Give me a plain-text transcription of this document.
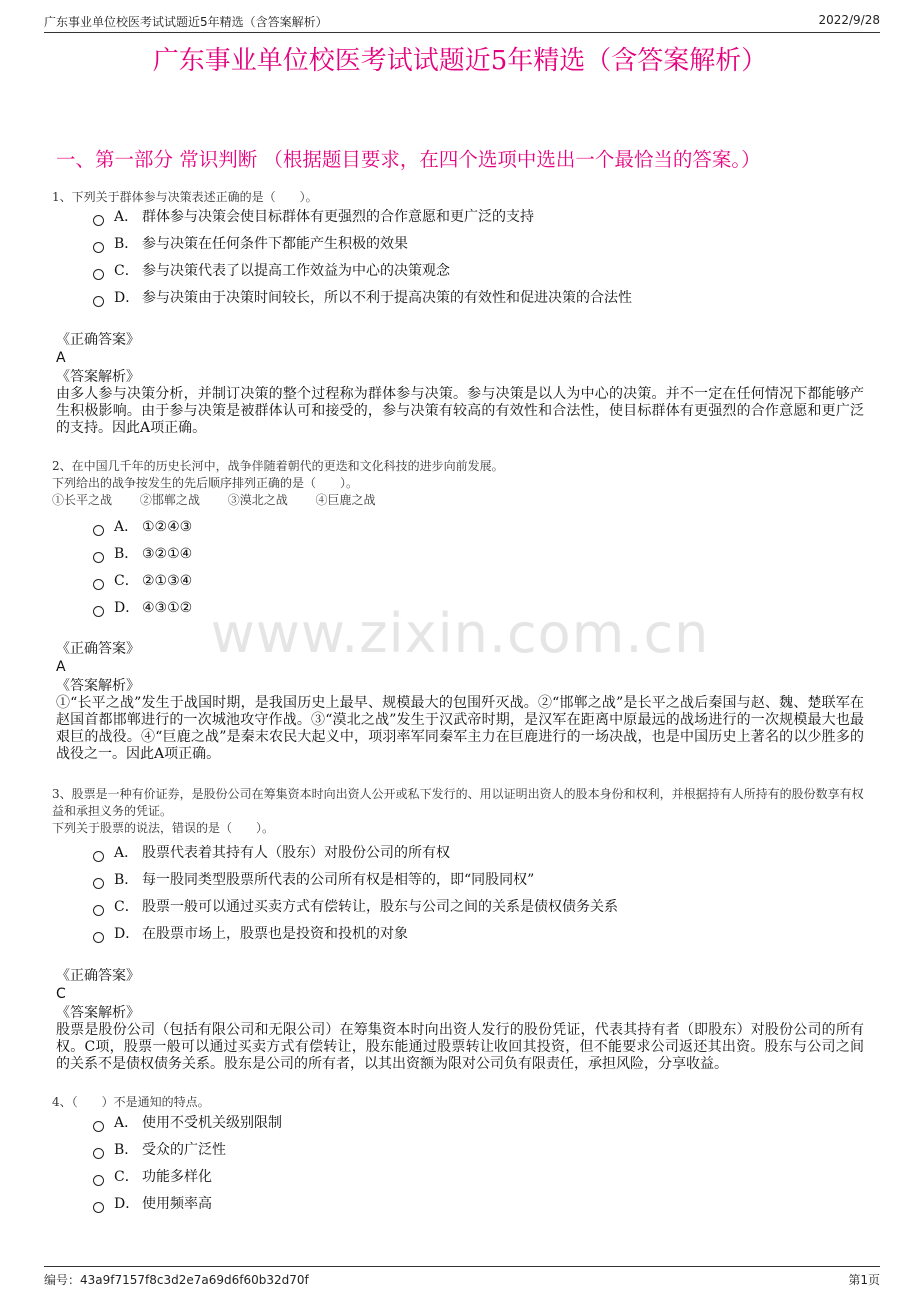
广东事业单位校医考试试题近5年精选（含答案解析）	2022/9/28
广东事业单位校医考试试题近5年精选（含答案解析）
一、第一部分 常识判断 （根据题目要求，在四个选项中选出一个最恰当的答案。）
1、下列关于群体参与决策表述正确的是（　　）。
A． 群体参与决策会使目标群体有更强烈的合作意愿和更广泛的支持
B． 参与决策在任何条件下都能产生积极的效果
C． 参与决策代表了以提高工作效益为中心的决策观念
D． 参与决策由于决策时间较长，所以不利于提高决策的有效性和促进决策的合法性
《正确答案》
A
《答案解析》
由多人参与决策分析，并制订决策的整个过程称为群体参与决策。参与决策是以人为中心的决策。并不一定在任何情况下都能够产生积极影响。由于参与决策是被群体认可和接受的，参与决策有较高的有效性和合法性，使目标群体有更强烈的合作意愿和更广泛的支持。因此A项正确。
2、在中国几千年的历史长河中，战争伴随着朝代的更迭和文化科技的进步向前发展。
下列给出的战争按发生的先后顺序排列正确的是（　　）。
①长平之战 ②邯郸之战 ③漠北之战 ④巨鹿之战
A． ①②④③
B． ③②①④
C． ②①③④
D． ④③①②
《正确答案》
A
《答案解析》
①“长平之战”发生于战国时期，是我国历史上最早、规模最大的包围歼灭战。②“邯郸之战”是长平之战后秦国与赵、魏、楚联军在赵国首都邯郸进行的一次城池攻守作战。③“漠北之战”发生于汉武帝时期，是汉军在距离中原最远的战场进行的一次规模最大也最艰巨的战役。④“巨鹿之战”是秦末农民大起义中，项羽率军同秦军主力在巨鹿进行的一场决战，也是中国历史上著名的以少胜多的战役之一。因此A项正确。
www.zixin.com.cn
3、股票是一种有价证券，是股份公司在筹集资本时向出资人公开或私下发行的、用以证明出资人的股本身份和权利，并根据持有人所持有的股份数享有权益和承担义务的凭证。
下列关于股票的说法，错误的是（　　）。
A． 股票代表着其持有人（股东）对股份公司的所有权
B． 每一股同类型股票所代表的公司所有权是相等的，即“同股同权”
C． 股票一般可以通过买卖方式有偿转让，股东与公司之间的关系是债权债务关系
D． 在股票市场上，股票也是投资和投机的对象
《正确答案》
C
《答案解析》
股票是股份公司（包括有限公司和无限公司）在筹集资本时向出资人发行的股份凭证，代表其持有者（即股东）对股份公司的所有权。C项，股票一般可以通过买卖方式有偿转让，股东能通过股票转让收回其投资，但不能要求公司返还其出资。股东与公司之间的关系不是债权债务关系。股东是公司的所有者，以其出资额为限对公司负有限责任，承担风险，分享收益。
4、（　　）不是通知的特点。
A． 使用不受机关级别限制
B． 受众的广泛性
C． 功能多样化
D． 使用频率高
编号：43a9f7157f8c3d2e7a69d6f60b32d70f	第1页
